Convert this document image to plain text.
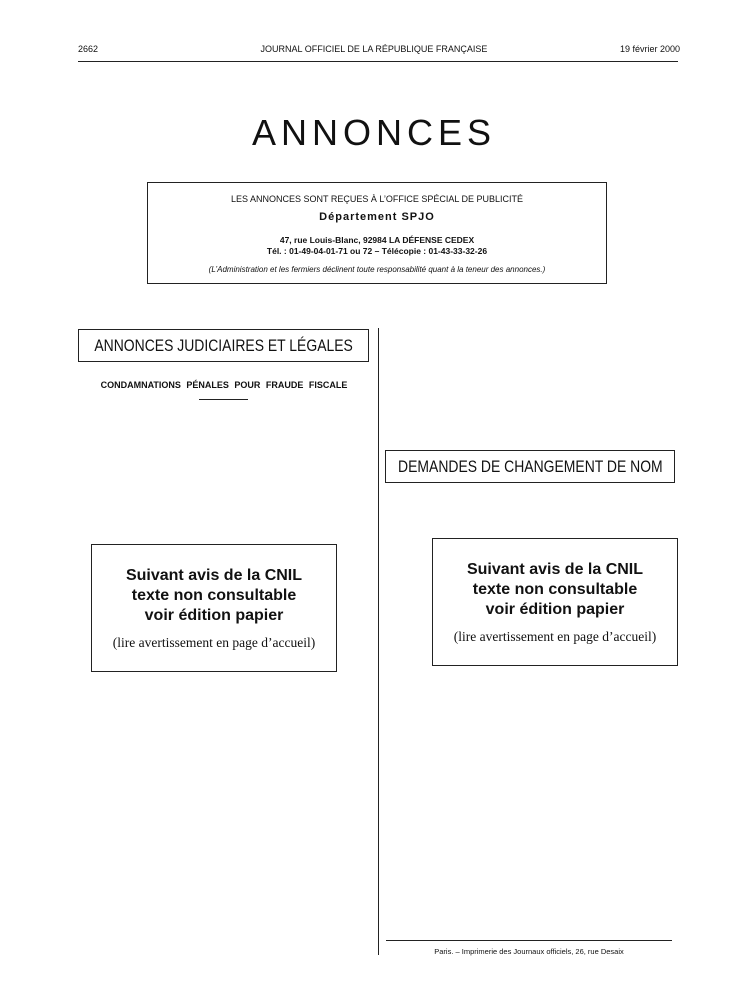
2662	JOURNAL OFFICIEL DE LA RÉPUBLIQUE FRANÇAISE	19 février 2000
ANNONCES
LES ANNONCES SONT REÇUES À L’OFFICE SPÉCIAL DE PUBLICITÉ
Département SPJO
47, rue Louis-Blanc, 92984 LA DÉFENSE CEDEX
Tél. : 01-49-04-01-71 ou 72 – Télécopie : 01-43-33-32-26
(L’Administration et les fermiers déclinent toute responsabilité quant à la teneur des annonces.)
ANNONCES JUDICIAIRES ET LÉGALES
CONDAMNATIONS PÉNALES POUR FRAUDE FISCALE
Suivant avis de la CNIL
texte non consultable
voir édition papier
(lire avertissement en page d’accueil)
DEMANDES DE CHANGEMENT DE NOM
Suivant avis de la CNIL
texte non consultable
voir édition papier
(lire avertissement en page d’accueil)
Paris. – Imprimerie des Journaux officiels, 26, rue Desaix
